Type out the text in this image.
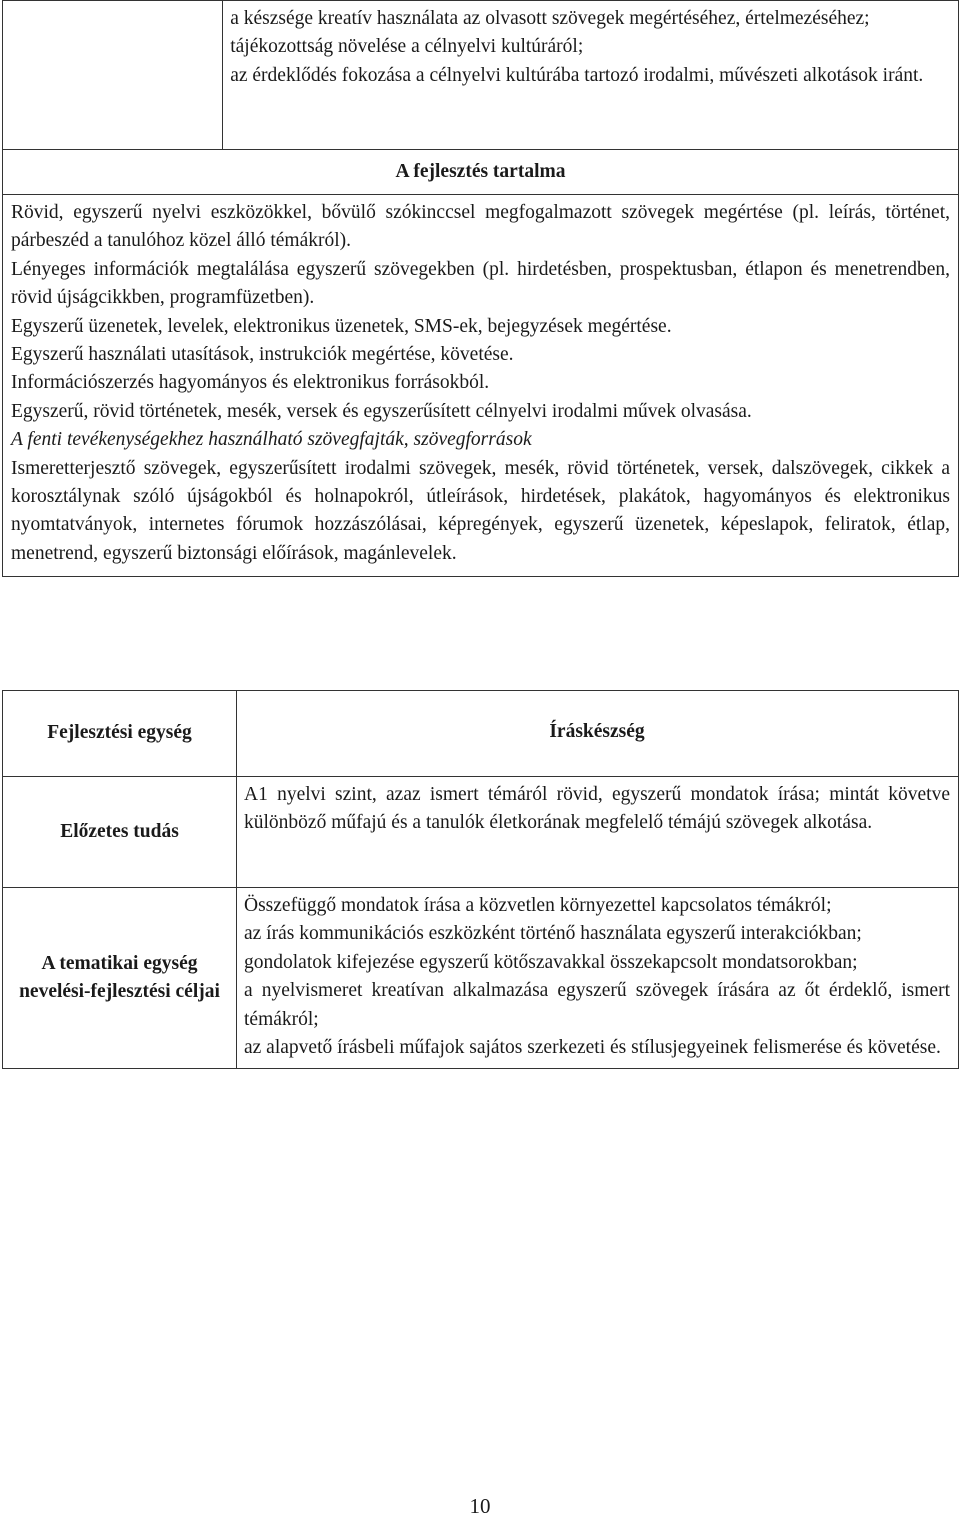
a készsége kreatív használata az olvasott szövegek megértéséhez, értelmezéséhez;
tájékozottság növelése a célnyelvi kultúráról;
az érdeklődés fokozása a célnyelvi kultúrába tartozó irodalmi, művészeti alkotások iránt.

A fejlesztés tartalma

Rövid, egyszerű nyelvi eszközökkel, bővülő szókinccsel megfogalmazott szövegek megértése (pl. leírás, történet, párbeszéd a tanulóhoz közel álló témákról).
Lényeges információk megtalálása egyszerű szövegekben (pl. hirdetésben, prospektusban, étlapon és menetrendben, rövid újságcikkben, programfüzetben).
Egyszerű üzenetek, levelek, elektronikus üzenetek, SMS-ek, bejegyzések megértése.
Egyszerű használati utasítások, instrukciók megértése, követése.
Információszerzés hagyományos és elektronikus forrásokból.
Egyszerű, rövid történetek, mesék, versek és egyszerűsített célnyelvi irodalmi művek olvasása.
A fenti tevékenységekhez használható szövegfajták, szövegforrások
Ismeretterjesztő szövegek, egyszerűsített irodalmi szövegek, mesék, rövid történetek, versek, dalszövegek, cikkek a korosztálynak szóló újságokból és holnapokról, útleírások, hirdetések, plakátok, hagyományos és elektronikus nyomtatványok, internetes fórumok hozzászólásai, képregények, egyszerű üzenetek, képeslapok, feliratok, étlap, menetrend, egyszerű biztonsági előírások, magánlevelek.
Fejlesztési egység	Íráskészség
Előzetes tudás	A1 nyelvi szint, azaz ismert témáról rövid, egyszerű mondatok írása; mintát követve különböző műfajú és a tanulók életkorának megfelelő témájú szövegek alkotása.
A tematikai egység nevelési-fejlesztési céljai	Összefüggő mondatok írása a közvetlen környezettel kapcsolatos témákról;
az írás kommunikációs eszközként történő használata egyszerű interakciókban;
gondolatok kifejezése egyszerű kötőszavakkal összekapcsolt mondatsorokban;
a nyelvismeret kreatívan alkalmazása egyszerű szövegek írására az őt érdeklő, ismert témákról;
az alapvető írásbeli műfajok sajátos szerkezeti és stílusjegyeinek felismerése és követése.
10
